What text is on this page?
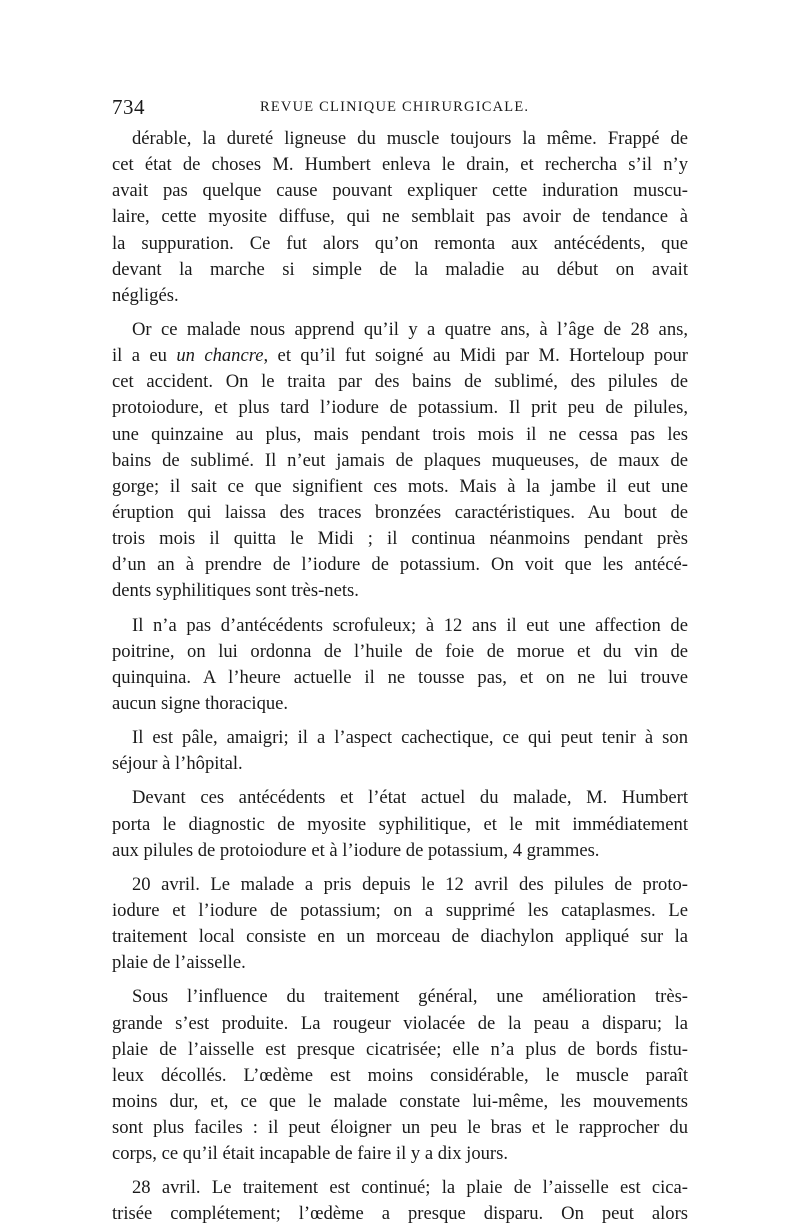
734	REVUE CLINIQUE CHIRURGICALE.
dérable, la dureté ligneuse du muscle toujours la même. Frappé de
cet état de choses M. Humbert enleva le drain, et rechercha s’il n’y
avait pas quelque cause pouvant expliquer cette induration muscu-
laire, cette myosite diffuse, qui ne semblait pas avoir de tendance à
la suppuration. Ce fut alors qu’on remonta aux antécédents, que
devant la marche si simple de la maladie au début on avait
négligés.
Or ce malade nous apprend qu’il y a quatre ans, à l’âge de 28 ans,
il a eu un chancre, et qu’il fut soigné au Midi par M. Horteloup pour
cet accident. On le traita par des bains de sublimé, des pilules de
protoiodure, et plus tard l’iodure de potassium. Il prit peu de pilules,
une quinzaine au plus, mais pendant trois mois il ne cessa pas les
bains de sublimé. Il n’eut jamais de plaques muqueuses, de maux de
gorge; il sait ce que signifient ces mots. Mais à la jambe il eut une
éruption qui laissa des traces bronzées caractéristiques. Au bout de
trois mois il quitta le Midi ; il continua néanmoins pendant près
d’un an à prendre de l’iodure de potassium. On voit que les antécé-
dents syphilitiques sont très-nets.
Il n’a pas d’antécédents scrofuleux; à 12 ans il eut une affection de
poitrine, on lui ordonna de l’huile de foie de morue et du vin de
quinquina. A l’heure actuelle il ne tousse pas, et on ne lui trouve
aucun signe thoracique.
Il est pâle, amaigri; il a l’aspect cachectique, ce qui peut tenir à son
séjour à l’hôpital.
Devant ces antécédents et l’état actuel du malade, M. Humbert
porta le diagnostic de myosite syphilitique, et le mit immédiatement
aux pilules de protoiodure et à l’iodure de potassium, 4 grammes.
20 avril. Le malade a pris depuis le 12 avril des pilules de proto-
iodure et l’iodure de potassium; on a supprimé les cataplasmes. Le
traitement local consiste en un morceau de diachylon appliqué sur la
plaie de l’aisselle.
Sous l’influence du traitement général, une amélioration très-
grande s’est produite. La rougeur violacée de la peau a disparu; la
plaie de l’aisselle est presque cicatrisée; elle n’a plus de bords fistu-
leux décollés. L’œdème est moins considérable, le muscle paraît
moins dur, et, ce que le malade constate lui-même, les mouvements
sont plus faciles : il peut éloigner un peu le bras et le rapprocher du
corps, ce qu’il était incapable de faire il y a dix jours.
28 avril. Le traitement est continué; la plaie de l’aisselle est cica-
trisée complétement; l’œdème a presque disparu. On peut alors
